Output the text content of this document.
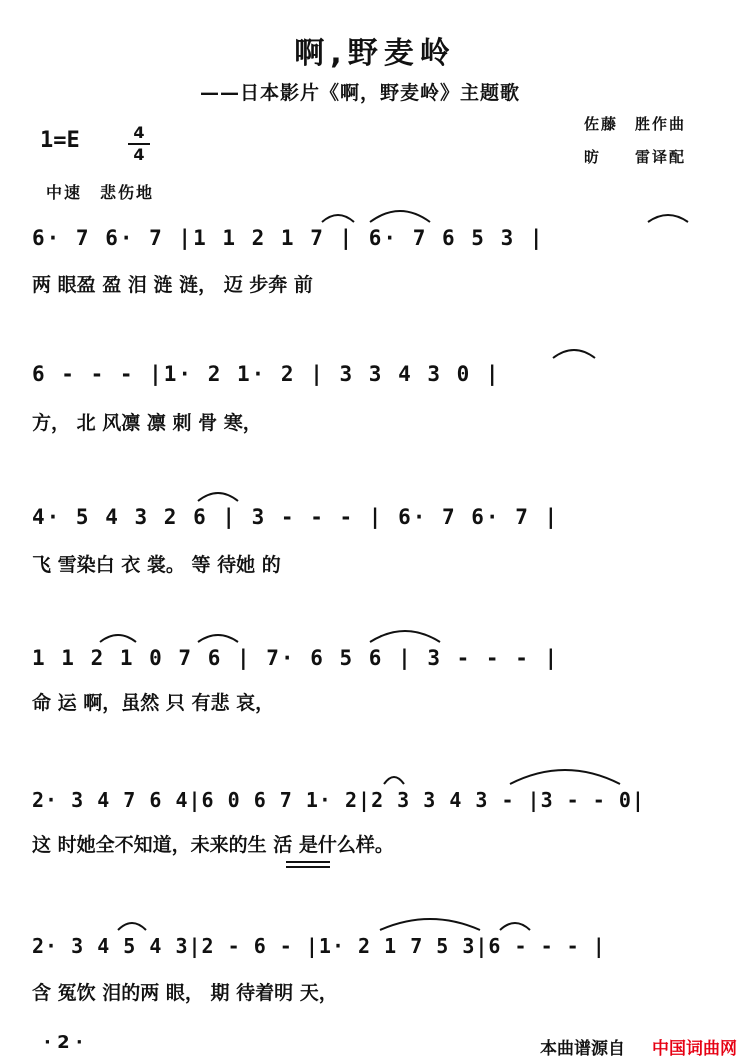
啊,野麦岭
——日本影片《啊，野麦岭》主题歌
1=E	4
4
佐藤　胜作曲
昉　　雷译配
中速　悲伤地
6· 7 6· 7 |1 1 2 1 7 | 6· 7 6 5 3 |
两 眼盈 盈 泪 涟 涟， 迈 步奔 前
6 - - - |1· 2 1· 2 | 3 3 4 3 0 |
方， 北 风凛 凛 刺 骨 寒，
4· 5 4 3 2 6 | 3 - - - | 6· 7 6· 7 |
飞 雪染白 衣 裳。 等 待她 的
1 1 2 1 0 7 6 | 7· 6 5 6 | 3 - - - |
命 运 啊，虽然 只 有悲 哀，
2· 3 4 7 6 4|6 0 6 7 1· 2|2 3 3 4 3 - |3 - - 0|
这 时她全不知道，未来的生 活 是什么样。
2· 3 4 5 4 3|2 - 6 - |1· 2 1 7 5 3|6 - - - |
含 冤饮 泪的两 眼， 期 待着明 天，
· 2 ·	本曲谱源自 中国词曲网
